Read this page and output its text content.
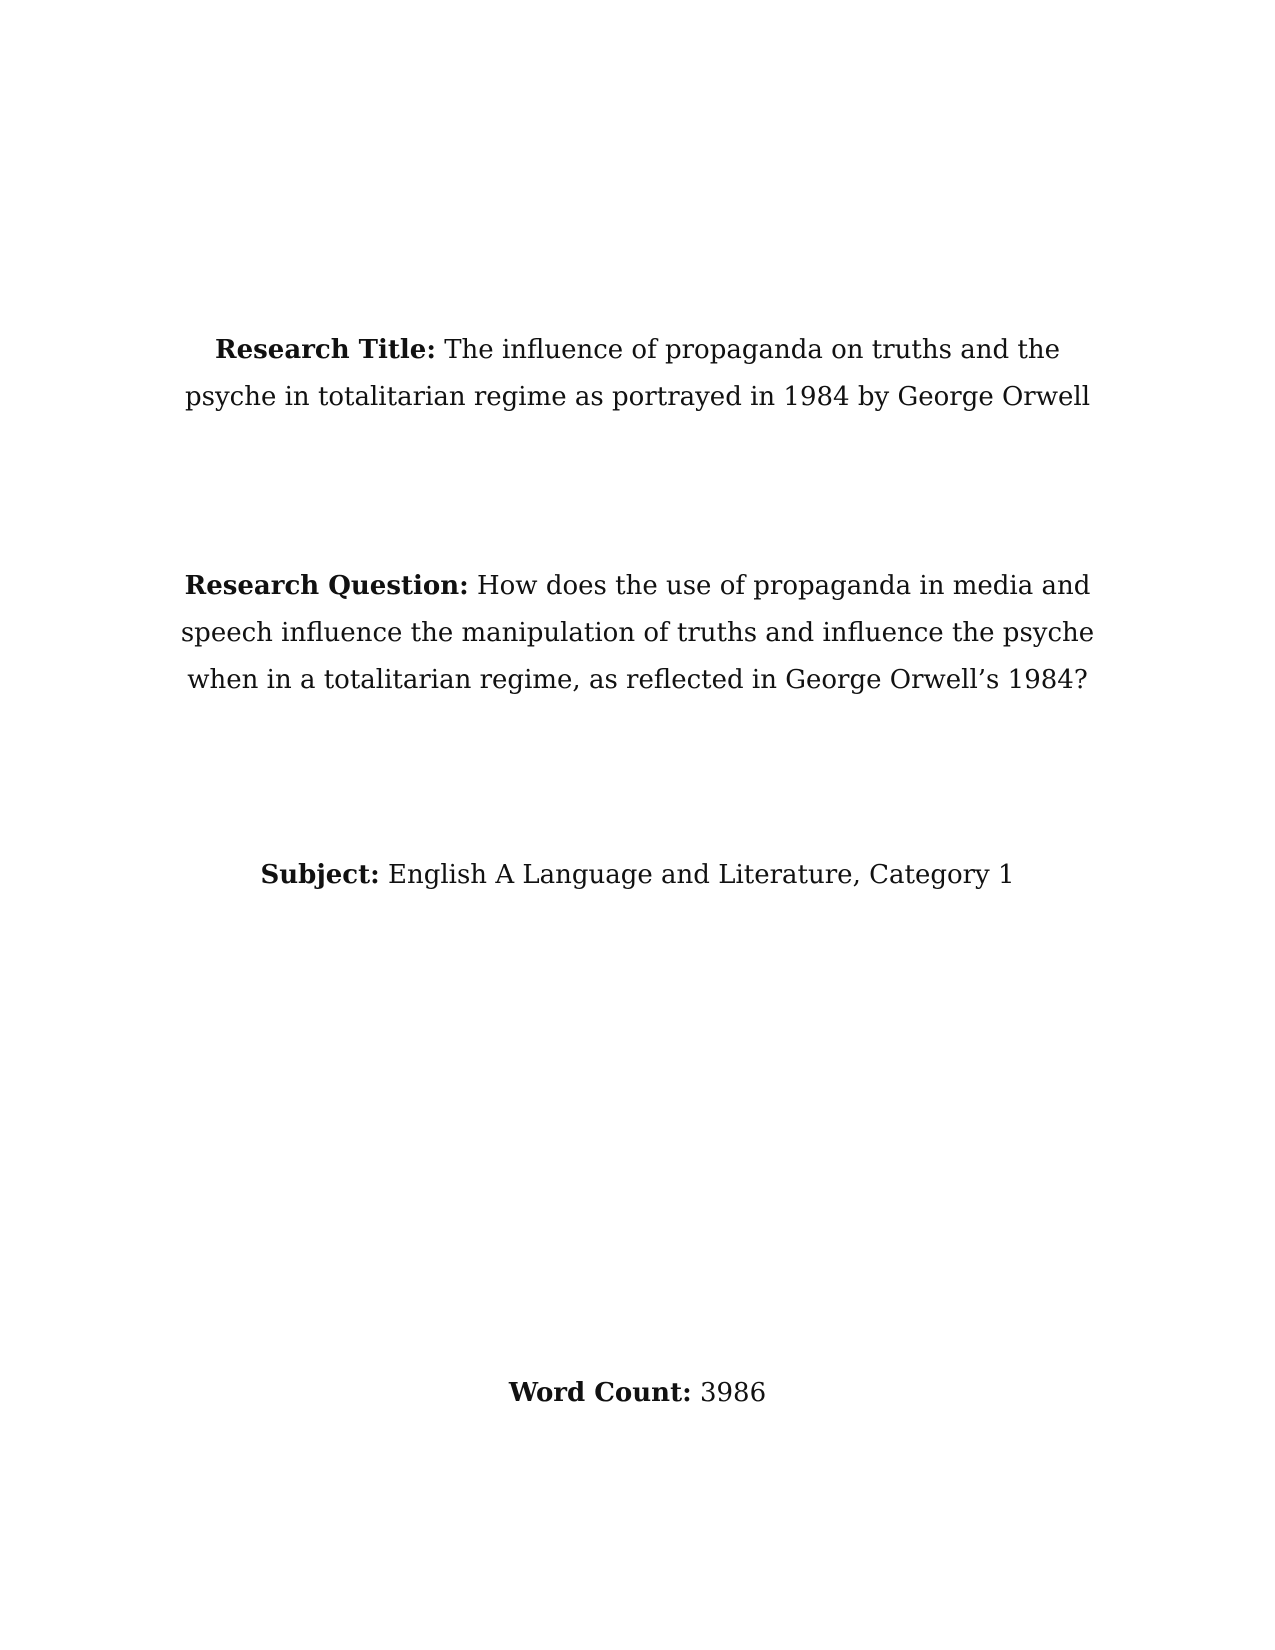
Research Title: The influence of propaganda on truths and the psyche in totalitarian regime as portrayed in 1984 by George Orwell
Research Question: How does the use of propaganda in media and speech influence the manipulation of truths and influence the psyche when in a totalitarian regime, as reflected in George Orwell’s 1984?
Subject: English A Language and Literature, Category 1
Word Count: 3986
